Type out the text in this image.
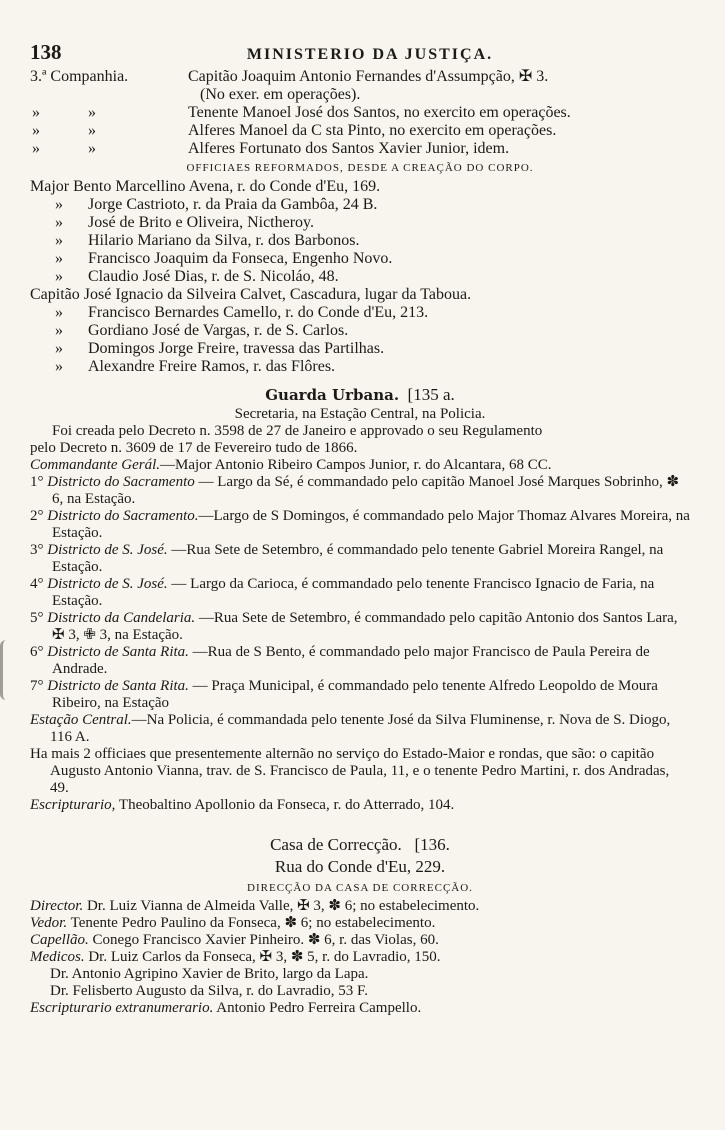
138	MINISTERIO DA JUSTIÇA.
3.ª Companhia.	Capitão Joaquim Antonio Fernandes d'Assumpção, ✠ 3.
(No exer. em operações).
»	»	Tenente Manoel José dos Santos, no exercito em operações.
»	»	Alferes Manoel da C sta Pinto, no exercito em operações.
»	»	Alferes Fortunato dos Santos Xavier Junior, idem.
OFFICIAES REFORMADOS, DESDE A CREAÇÃO DO CORPO.
Major Bento Marcellino Avena, r. do Conde d'Eu, 169.
» Jorge Castrioto, r. da Praia da Gambôa, 24 B.
» José de Brito e Oliveira, Nictheroy.
» Hilario Mariano da Silva, r. dos Barbonos.
» Francisco Joaquim da Fonseca, Engenho Novo.
» Claudio José Dias, r. de S. Nicoláo, 48.
Capitão José Ignacio da Silveira Calvet, Cascadura, lugar da Taboua.
» Francisco Bernardes Camello, r. do Conde d'Eu, 213.
» Gordiano José de Vargas, r. de S. Carlos.
» Domingos Jorge Freire, travessa das Partilhas.
» Alexandre Freire Ramos, r. das Flôres.
Guarda Urbana. [135 a.
Secretaria, na Estação Central, na Policia.
Foi creada pelo Decreto n. 3598 de 27 de Janeiro e approvado o seu Regulamento
pelo Decreto n. 3609 de 17 de Fevereiro tudo de 1866.
Commandante Gerál.—Major Antonio Ribeiro Campos Junior, r. do Alcantara, 68 CC.
1° Districto do Sacramento — Largo da Sé, é commandado pelo capitão Manoel José Marques Sobrinho, ✽ 6, na Estação.
2° Districto do Sacramento.—Largo de S Domingos, é commandado pelo Major Thomaz Alvares Moreira, na Estação.
3° Districto de S. José. —Rua Sete de Setembro, é commandado pelo tenente Gabriel Moreira Rangel, na Estação.
4° Districto de S. José. — Largo da Carioca, é commandado pelo tenente Francisco Ignacio de Faria, na Estação.
5° Districto da Candelaria. —Rua Sete de Setembro, é commandado pelo capitão Antonio dos Santos Lara, ✠ 3, ✙ 3, na Estação.
6° Districto de Santa Rita. —Rua de S Bento, é commandado pelo major Francisco de Paula Pereira de Andrade.
7° Districto de Santa Rita. — Praça Municipal, é commandado pelo tenente Alfredo Leopoldo de Moura Ribeiro, na Estação
Estação Central.—Na Policia, é commandada pelo tenente José da Silva Fluminense, r. Nova de S. Diogo, 116 A.
Ha mais 2 officiaes que presentemente alternão no serviço do Estado-Maior e rondas, que são: o capitão Augusto Antonio Vianna, trav. de S. Francisco de Paula, 11, e o tenente Pedro Martini, r. dos Andradas, 49.
Escripturario, Theobaltino Apollonio da Fonseca, r. do Atterrado, 104.
Casa de Correcção. [136.
Rua do Conde d'Eu, 229.
DIRECÇÃO DA CASA DE CORRECÇÃO.
Director. Dr. Luiz Vianna de Almeida Valle, ✠ 3, ✽ 6; no estabelecimento.
Vedor. Tenente Pedro Paulino da Fonseca, ✽ 6; no estabelecimento.
Capellão. Conego Francisco Xavier Pinheiro. ✽ 6, r. das Violas, 60.
Medicos. Dr. Luiz Carlos da Fonseca, ✠ 3, ✽ 5, r. do Lavradio, 150.
Dr. Antonio Agripino Xavier de Brito, largo da Lapa.
Dr. Felisberto Augusto da Silva, r. do Lavradio, 53 F.
Escripturario extranumerario. Antonio Pedro Ferreira Campello.
